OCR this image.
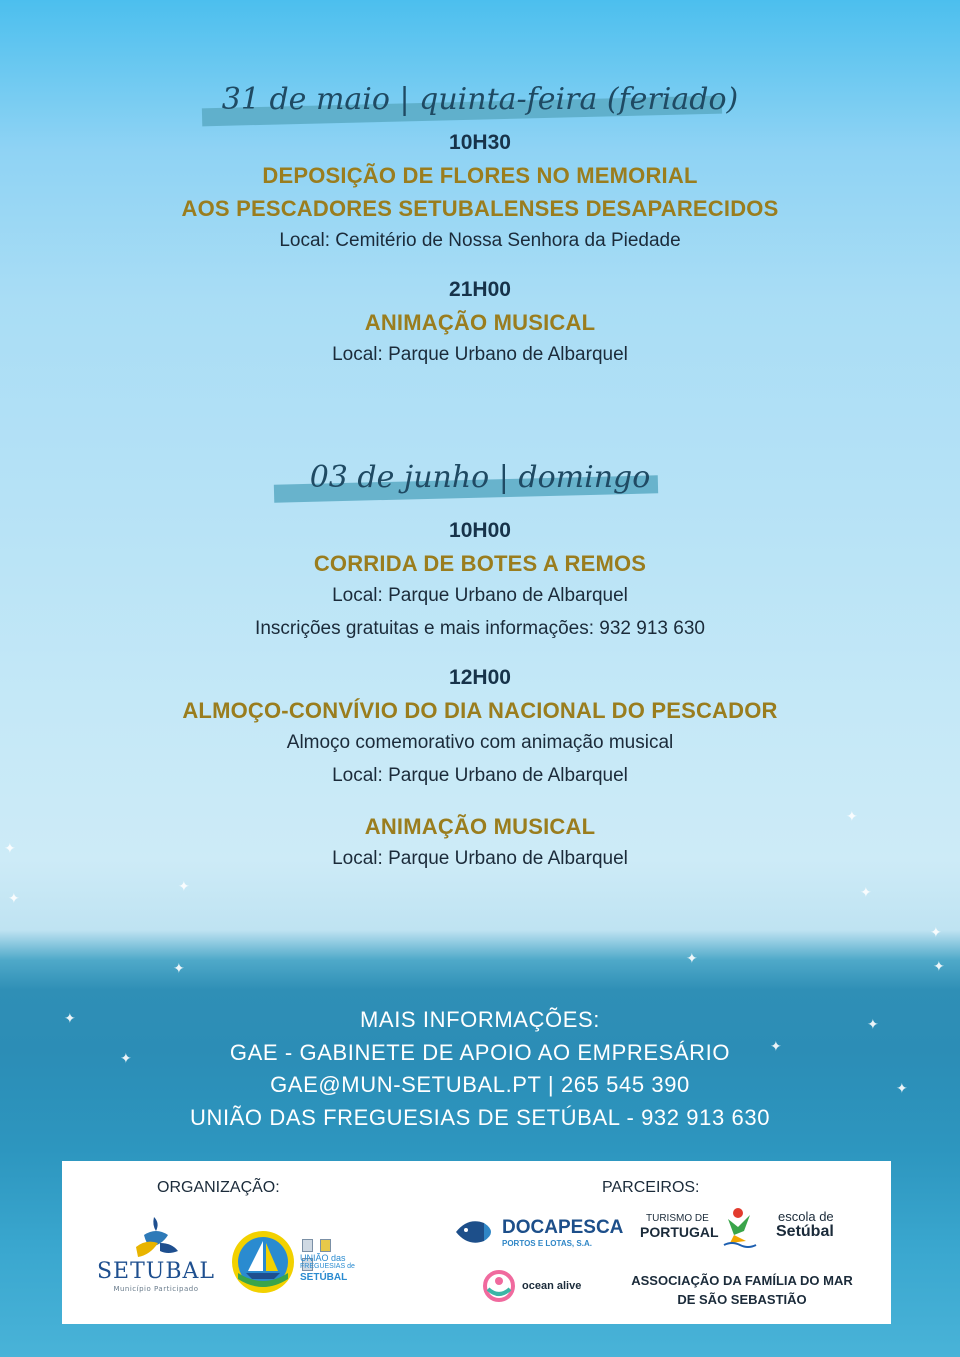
✦
✦
✦
✦
✦
✦
✦
✦
✦
✦
✦
✦
✦
✦
31 de maio | quinta-feira (feriado)
10H30
DEPOSIÇÃO DE FLORES NO MEMORIAL
AOS PESCADORES SETUBALENSES DESAPARECIDOS
Local: Cemitério de Nossa Senhora da Piedade
21H00
ANIMAÇÃO MUSICAL
Local: Parque Urbano de Albarquel
03 de junho | domingo
10H00
CORRIDA DE BOTES A REMOS
Local: Parque Urbano de Albarquel
Inscrições gratuitas e mais informações: 932 913 630
12H00
ALMOÇO-CONVÍVIO DO DIA NACIONAL DO PESCADOR
Almoço comemorativo com animação musical
Local: Parque Urbano de Albarquel
ANIMAÇÃO MUSICAL
Local: Parque Urbano de Albarquel
MAIS INFORMAÇÕES:
GAE - GABINETE DE APOIO AO EMPRESÁRIO
GAE@MUN-SETUBAL.PT | 265 545 390
UNIÃO DAS FREGUESIAS DE SETÚBAL - 932 913 630
ORGANIZAÇÃO:	PARCEIROS:
SETUBAL
Município Participado

UNIÃO das
FREGUESIAS de
SETÚBAL
DOCAPESCA
PORTOS E LOTAS, S.A.
TURISMO DE
PORTUGAL
escola de
Setúbal
ocean alive	ASSOCIAÇÃO DA FAMÍLIA DO MAR
DE SÃO SEBASTIÃO
